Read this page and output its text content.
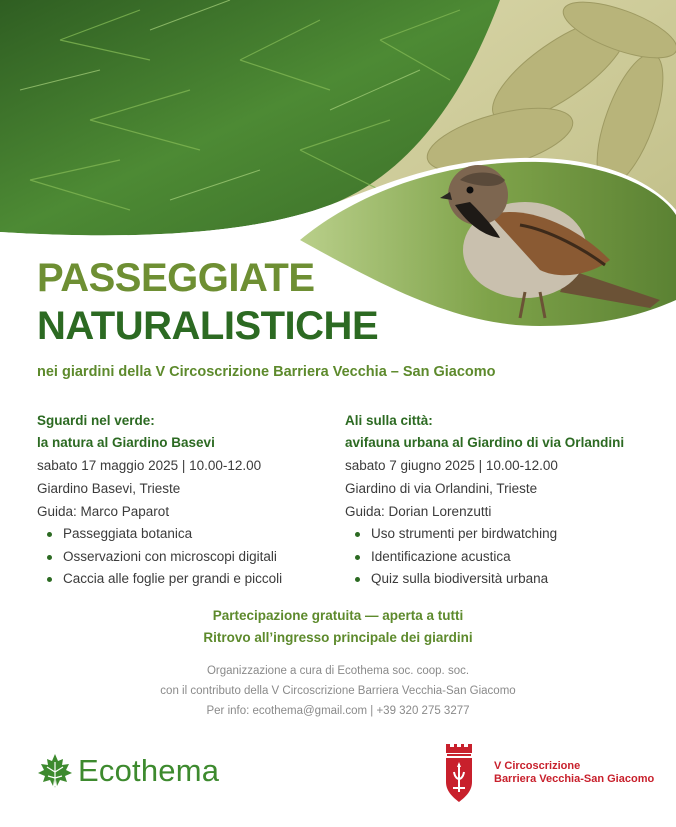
PASSEGGIATE
NATURALISTICHE
nei giardini della V Circoscrizione Barriera Vecchia – San Giacomo
Sguardi nel verde:
la natura al Giardino Basevi
sabato 17 maggio 2025 | 10.00-12.00
Giardino Basevi, Trieste
Guida: Marco Paparot
Passeggiata botanica
Osservazioni con microscopi digitali
Caccia alle foglie per grandi e piccoli
Ali sulla città:
avifauna urbana al Giardino di via Orlandini
sabato 7 giugno 2025 | 10.00-12.00
Giardino di via Orlandini, Trieste
Guida: Dorian Lorenzutti
Uso strumenti per birdwatching
Identificazione acustica
Quiz sulla biodiversità urbana
Partecipazione gratuita — aperta a tutti
Ritrovo all’ingresso principale dei giardini
Organizzazione a cura di Ecothema soc. coop. soc.
con il contributo della V Circoscrizione Barriera Vecchia-San Giacomo
Per info: ecothema@gmail.com | +39 320 275 3277
Ecothema	V Circoscrizione
Barriera Vecchia-San Giacomo
